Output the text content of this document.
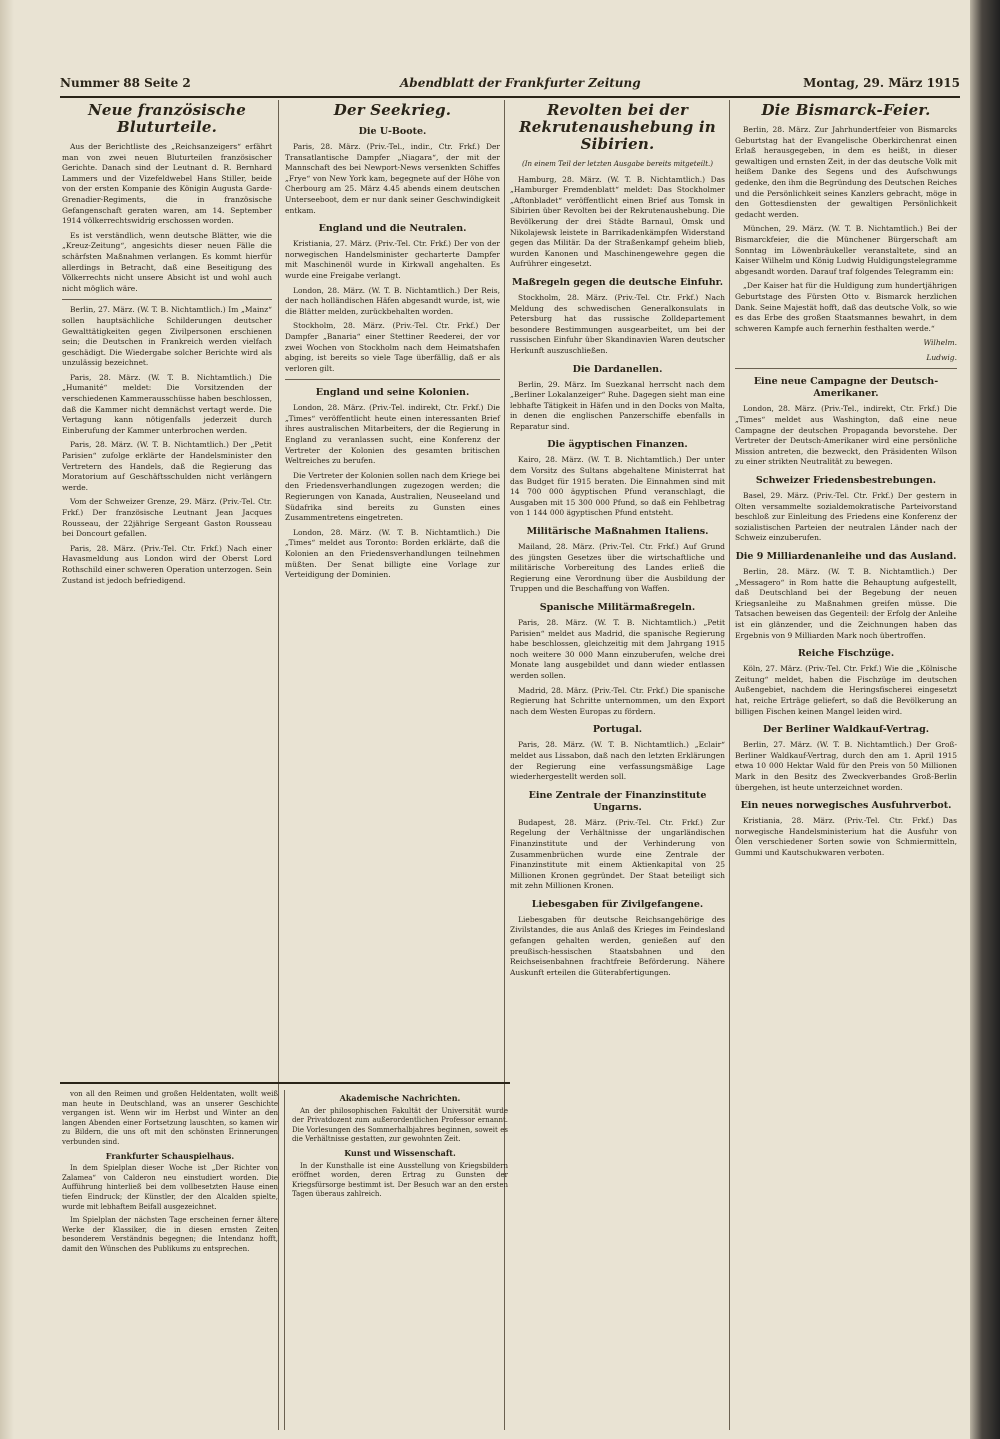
Nummer 88 Seite 2	Abendblatt der Frankfurter Zeitung	Montag, 29. März 1915
Neue französische Bluturteile.

Aus der Berichtliste des „Reichsanzeigers“ erfährt man von zwei neuen Bluturteilen französischer Gerichte. Danach sind der Leutnant d. R. Bernhard Lammers und der Vizefeldwebel Hans Stiller, beide von der ersten Kompanie des Königin Augusta Garde-Grenadier-Regiments, die in französische Gefangenschaft geraten waren, am 14. September 1914 völkerrechtswidrig erschossen worden.

Es ist verständlich, wenn deutsche Blätter, wie die „Kreuz-Zeitung“, angesichts dieser neuen Fälle die schärfsten Maßnahmen verlangen. Es kommt hierfür allerdings in Betracht, daß eine Beseitigung des Völkerrechts nicht unsere Absicht ist und wohl auch nicht möglich wäre.

Berlin, 27. März. (W. T. B. Nichtamtlich.) Im „Mainz“ sollen hauptsächliche Schilderungen deutscher Gewalttätigkeiten gegen Zivilpersonen erschienen sein; die Deutschen in Frankreich werden vielfach geschädigt. Die Wiedergabe solcher Berichte wird als unzulässig bezeichnet.

Paris, 28. März. (W. T. B. Nichtamtlich.) Die „Humanité“ meldet: Die Vorsitzenden der verschiedenen Kammerausschüsse haben beschlossen, daß die Kammer nicht demnächst vertagt werde. Die Vertagung kann nötigenfalls jederzeit durch Einberufung der Kammer unterbrochen werden.

Paris, 28. März. (W. T. B. Nichtamtlich.) Der „Petit Parisien“ zufolge erklärte der Handelsminister den Vertretern des Handels, daß die Regierung das Moratorium auf Geschäftsschulden nicht verlängern werde.

Vom der Schweizer Grenze, 29. März. (Priv.-Tel. Ctr. Frkf.) Der französische Leutnant Jean Jacques Rousseau, der 22jährige Sergeant Gaston Rousseau bei Doncourt gefallen.

Paris, 28. März. (Priv.-Tel. Ctr. Frkf.) Nach einer Havasmeldung aus London wird der Oberst Lord Rothschild einer schweren Operation unterzogen. Sein Zustand ist jedoch befriedigend.

Der Seekrieg.
Die U-Boote.

Paris, 28. März. (Priv.-Tel., indir., Ctr. Frkf.) Der Transatlantische Dampfer „Niagara“, der mit der Mannschaft des bei Newport-News versenkten Schiffes „Frye“ von New York kam, begegnete auf der Höhe von Cherbourg am 25. März 4.45 abends einem deutschen Unterseeboot, dem er nur dank seiner Geschwindigkeit entkam.

England und die Neutralen.

Kristiania, 27. März. (Priv.-Tel. Ctr. Frkf.) Der von der norwegischen Handelsminister gecharterte Dampfer mit Maschinenöl wurde in Kirkwall angehalten. Es wurde eine Freigabe verlangt.

London, 28. März. (W. T. B. Nichtamtlich.) Der Reis, der nach holländischen Häfen abgesandt wurde, ist, wie die Blätter melden, zurückbehalten worden.

Stockholm, 28. März. (Priv.-Tel. Ctr. Frkf.) Der Dampfer „Banaria“ einer Stettiner Reederei, der vor zwei Wochen von Stockholm nach dem Heimatshafen abging, ist bereits so viele Tage überfällig, daß er als verloren gilt.

England und seine Kolonien.

London, 28. März. (Priv.-Tel. indirekt, Ctr. Frkf.) Die „Times“ veröffentlicht heute einen interessanten Brief ihres australischen Mitarbeiters, der die Regierung in England zu veranlassen sucht, eine Konferenz der Vertreter der Kolonien des gesamten britischen Weltreiches zu berufen.

Die Vertreter der Kolonien sollen nach dem Kriege bei den Friedensverhandlungen zugezogen werden; die Regierungen von Kanada, Australien, Neuseeland und Südafrika sind bereits zu Gunsten eines Zusammentretens eingetreten.

London, 28. März. (W. T. B. Nichtamtlich.) Die „Times“ meldet aus Toronto: Borden erklärte, daß die Kolonien an den Friedensverhandlungen teilnehmen müßten. Der Senat billigte eine Vorlage zur Verteidigung der Dominien.

Revolten bei der Rekrutenaushebung in Sibirien.

(In einem Teil der letzten Ausgabe bereits mitgeteilt.)

Hamburg, 28. März. (W. T. B. Nichtamtlich.) Das „Hamburger Fremdenblatt“ meldet: Das Stockholmer „Aftonbladet“ veröffentlicht einen Brief aus Tomsk in Sibirien über Revolten bei der Rekrutenaushebung. Die Bevölkerung der drei Städte Barnaul, Omsk und Nikolajewsk leistete in Barrikadenkämpfen Widerstand gegen das Militär. Da der Straßenkampf geheim blieb, wurden Kanonen und Maschinengewehre gegen die Aufrührer eingesetzt.

Maßregeln gegen die deutsche Einfuhr.

Stockholm, 28. März. (Priv.-Tel. Ctr. Frkf.) Nach Meldung des schwedischen Generalkonsulats in Petersburg hat das russische Zolldepartement besondere Bestimmungen ausgearbeitet, um bei der russischen Einfuhr über Skandinavien Waren deutscher Herkunft auszuschließen.

Die Dardanellen.

Berlin, 29. März. Im Suezkanal herrscht nach dem „Berliner Lokalanzeiger“ Ruhe. Dagegen sieht man eine lebhafte Tätigkeit in Häfen und in den Docks von Malta, in denen die englischen Panzerschiffe ebenfalls in Reparatur sind.

Die ägyptischen Finanzen.

Kairo, 28. März. (W. T. B. Nichtamtlich.) Der unter dem Vorsitz des Sultans abgehaltene Ministerrat hat das Budget für 1915 beraten. Die Einnahmen sind mit 14 700 000 ägyptischen Pfund veranschlagt, die Ausgaben mit 15 300 000 Pfund, so daß ein Fehlbetrag von 1 144 000 ägyptischen Pfund entsteht.

Militärische Maßnahmen Italiens.

Mailand, 28. März. (Priv.-Tel. Ctr. Frkf.) Auf Grund des jüngsten Gesetzes über die wirtschaftliche und militärische Vorbereitung des Landes erließ die Regierung eine Verordnung über die Ausbildung der Truppen und die Beschaffung von Waffen.

Spanische Militärmaßregeln.

Paris, 28. März. (W. T. B. Nichtamtlich.) „Petit Parisien“ meldet aus Madrid, die spanische Regierung habe beschlossen, gleichzeitig mit dem Jahrgang 1915 noch weitere 30 000 Mann einzuberufen, welche drei Monate lang ausgebildet und dann wieder entlassen werden sollen.

Madrid, 28. März. (Priv.-Tel. Ctr. Frkf.) Die spanische Regierung hat Schritte unternommen, um den Export nach dem Westen Europas zu fördern.

Portugal.

Paris, 28. März. (W. T. B. Nichtamtlich.) „Eclair“ meldet aus Lissabon, daß nach den letzten Erklärungen der Regierung eine verfassungsmäßige Lage wiederhergestellt werden soll.

Eine Zentrale der Finanzinstitute Ungarns.

Budapest, 28. März. (Priv.-Tel. Ctr. Frkf.) Zur Regelung der Verhältnisse der ungarländischen Finanzinstitute und der Verhinderung von Zusammenbrüchen wurde eine Zentrale der Finanzinstitute mit einem Aktienkapital von 25 Millionen Kronen gegründet. Der Staat beteiligt sich mit zehn Millionen Kronen.

Liebesgaben für Zivilgefangene.

Liebesgaben für deutsche Reichsangehörige des Zivilstandes, die aus Anlaß des Krieges im Feindesland gefangen gehalten werden, genießen auf den preußisch-hessischen Staatsbahnen und den Reichseisenbahnen frachtfreie Beförderung. Nähere Auskunft erteilen die Güterabfertigungen.

Die Bismarck-Feier.

Berlin, 28. März. Zur Jahrhundertfeier von Bismarcks Geburtstag hat der Evangelische Oberkirchenrat einen Erlaß herausgegeben, in dem es heißt, in dieser gewaltigen und ernsten Zeit, in der das deutsche Volk mit heißem Danke des Segens und des Aufschwungs gedenke, den ihm die Begründung des Deutschen Reiches und die Persönlichkeit seines Kanzlers gebracht, möge in den Gottesdiensten der gewaltigen Persönlichkeit gedacht werden.

München, 29. März. (W. T. B. Nichtamtlich.) Bei der Bismarckfeier, die die Münchener Bürgerschaft am Sonntag im Löwenbräukeller veranstaltete, sind an Kaiser Wilhelm und König Ludwig Huldigungstelegramme abgesandt worden. Darauf traf folgendes Telegramm ein:

„Der Kaiser hat für die Huldigung zum hundertjährigen Geburtstage des Fürsten Otto v. Bismarck herzlichen Dank. Seine Majestät hofft, daß das deutsche Volk, so wie es das Erbe des großen Staatsmannes bewahrt, in dem schweren Kampfe auch fernerhin festhalten werde.“

Wilhelm.

Ludwig.

Eine neue Campagne der Deutsch-Amerikaner.

London, 28. März. (Priv.-Tel., indirekt, Ctr. Frkf.) Die „Times“ meldet aus Washington, daß eine neue Campagne der deutschen Propaganda bevorstehe. Der Vertreter der Deutsch-Amerikaner wird eine persönliche Mission antreten, die bezweckt, den Präsidenten Wilson zu einer strikten Neutralität zu bewegen.

Schweizer Friedensbestrebungen.

Basel, 29. März. (Priv.-Tel. Ctr. Frkf.) Der gestern in Olten versammelte sozialdemokratische Parteivorstand beschloß zur Einleitung des Friedens eine Konferenz der sozialistischen Parteien der neutralen Länder nach der Schweiz einzuberufen.

Die 9 Milliardenanleihe und das Ausland.

Berlin, 28. März. (W. T. B. Nichtamtlich.) Der „Messagero“ in Rom hatte die Behauptung aufgestellt, daß Deutschland bei der Begebung der neuen Kriegsanleihe zu Maßnahmen greifen müsse. Die Tatsachen beweisen das Gegenteil: der Erfolg der Anleihe ist ein glänzender, und die Zeichnungen haben das Ergebnis von 9 Milliarden Mark noch übertroffen.

Reiche Fischzüge.

Köln, 27. März. (Priv.-Tel. Ctr. Frkf.) Wie die „Kölnische Zeitung“ meldet, haben die Fischzüge im deutschen Außengebiet, nachdem die Heringsfischerei eingesetzt hat, reiche Erträge geliefert, so daß die Bevölkerung an billigen Fischen keinen Mangel leiden wird.

Der Berliner Waldkauf-Vertrag.

Berlin, 27. März. (W. T. B. Nichtamtlich.) Der Groß-Berliner Waldkauf-Vertrag, durch den am 1. April 1915 etwa 10 000 Hektar Wald für den Preis von 50 Millionen Mark in den Besitz des Zweckverbandes Groß-Berlin übergehen, ist heute unterzeichnet worden.

Ein neues norwegisches Ausfuhrverbot.

Kristiania, 28. März. (Priv.-Tel. Ctr. Frkf.) Das norwegische Handelsministerium hat die Ausfuhr von Ölen verschiedener Sorten sowie von Schmiermitteln, Gummi und Kautschukwaren verboten.

von all den Reimen und großen Heldentaten, wollt weiß man heute in Deutschland, was an unserer Geschichte vergangen ist. Wenn wir im Herbst und Winter an den langen Abenden einer Fortsetzung lauschten, so kamen wir zu Bildern, die uns oft mit den schönsten Erinnerungen verbunden sind.

Frankfurter Schauspielhaus.

In dem Spielplan dieser Woche ist „Der Richter von Zalamea“ von Calderon neu einstudiert worden. Die Aufführung hinterließ bei dem vollbesetzten Hause einen tiefen Eindruck; der Künstler, der den Alcalden spielte, wurde mit lebhaftem Beifall ausgezeichnet.

Im Spielplan der nächsten Tage erscheinen ferner ältere Werke der Klassiker, die in diesen ernsten Zeiten besonderem Verständnis begegnen; die Intendanz hofft, damit den Wünschen des Publikums zu entsprechen.

Akademische Nachrichten.

An der philosophischen Fakultät der Universität wurde der Privatdozent zum außerordentlichen Professor ernannt. Die Vorlesungen des Sommerhalbjahres beginnen, soweit es die Verhältnisse gestatten, zur gewohnten Zeit.

Kunst und Wissenschaft.

In der Kunsthalle ist eine Ausstellung von Kriegsbildern eröffnet worden, deren Ertrag zu Gunsten der Kriegsfürsorge bestimmt ist. Der Besuch war an den ersten Tagen überaus zahlreich.
